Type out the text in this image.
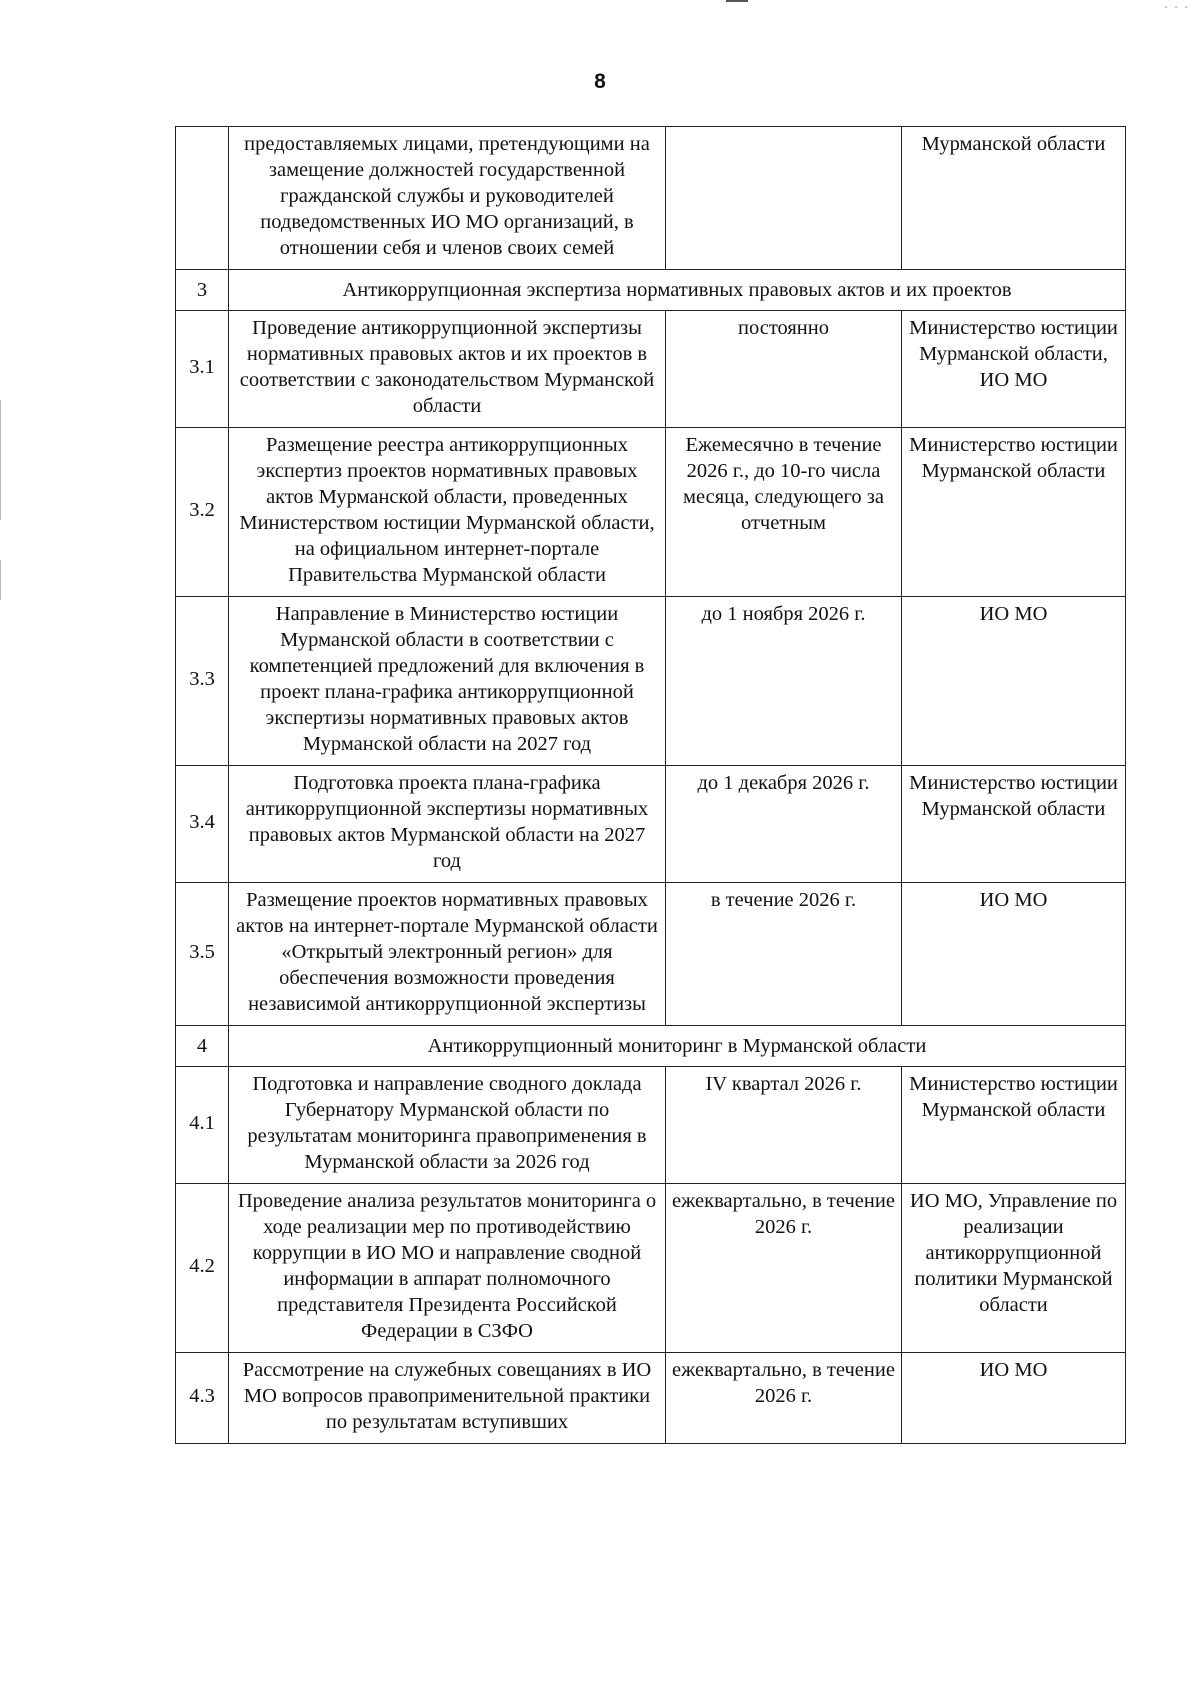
- - -
8
	предоставляемых лицами, претендующими на замещение должностей государственной гражданской службы и руководителей подведомственных ИО МО организаций, в отношении себя и членов своих семей		Мурманской области
3	Антикоррупционная экспертиза нормативных правовых актов и их проектов		
3.1	Проведение антикоррупционной экспертизы нормативных правовых актов и их проектов в соответствии с законодательством Мурманской области	постоянно	Министерство юстиции Мурманской области, ИО МО
3.2	Размещение реестра антикоррупционных экспертиз проектов нормативных правовых актов Мурманской области, проведенных Министерством юстиции Мурманской области, на официальном интернет-портале Правительства Мурманской области	Ежемесячно в течение 2026 г., до 10-го числа месяца, следующего за отчетным	Министерство юстиции Мурманской области
3.3	Направление в Министерство юстиции Мурманской области в соответствии с компетенцией предложений для включения в проект плана-графика антикоррупционной экспертизы нормативных правовых актов Мурманской области на 2027 год	до 1 ноября 2026 г.	ИО МО
3.4	Подготовка проекта плана-графика антикоррупционной экспертизы нормативных правовых актов Мурманской области на 2027 год	до 1 декабря 2026 г.	Министерство юстиции Мурманской области
3.5	Размещение проектов нормативных правовых актов на интернет-портале Мурманской области «Открытый электронный регион» для обеспечения возможности проведения независимой антикоррупционной экспертизы	в течение 2026 г.	ИО МО
4	Антикоррупционный мониторинг в Мурманской области		
4.1	Подготовка и направление сводного доклада Губернатору Мурманской области по результатам мониторинга правоприменения в Мурманской области за 2026 год	IV квартал 2026 г.	Министерство юстиции Мурманской области
4.2	Проведение анализа результатов мониторинга о ходе реализации мер по противодействию коррупции в ИО МО и направление сводной информации в аппарат полномочного представителя Президента Российской Федерации в СЗФО	ежеквартально, в течение 2026 г.	ИО МО, Управление по реализации антикоррупционной политики Мурманской области
4.3	Рассмотрение на служебных совещаниях в ИО МО вопросов правоприменительной практики по результатам вступивших	ежеквартально, в течение 2026 г.	ИО МО
